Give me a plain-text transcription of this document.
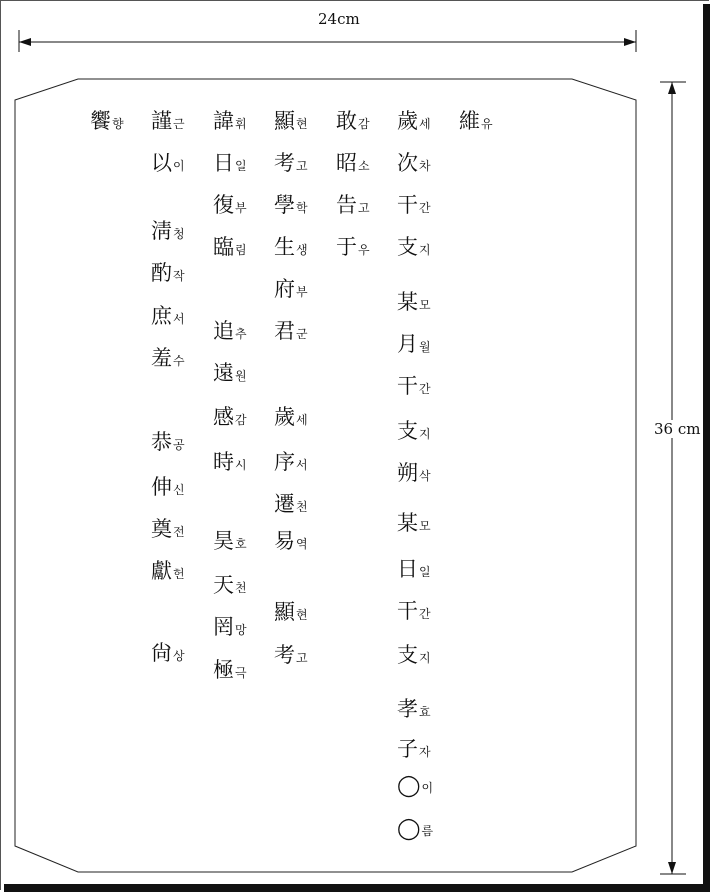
24cm
36 cm
維유
歲세
次차
干간
支지
某모
月월
干간
支지
朔삭
某모
日일
干간
支지
孝효
子자
◯이
◯름
敢감
昭소
告고
于우
顯현
考고
學학
生생
府부
君군
歲세
序서
遷천
易역
顯현
考고
諱휘
日일
復부
臨림
追추
遠원
感감
時시
昊호
天천
罔망
極극
謹근
以이
淸청
酌작
庶서
羞수
恭공
伸신
奠전
獻헌
尙상
饗향
